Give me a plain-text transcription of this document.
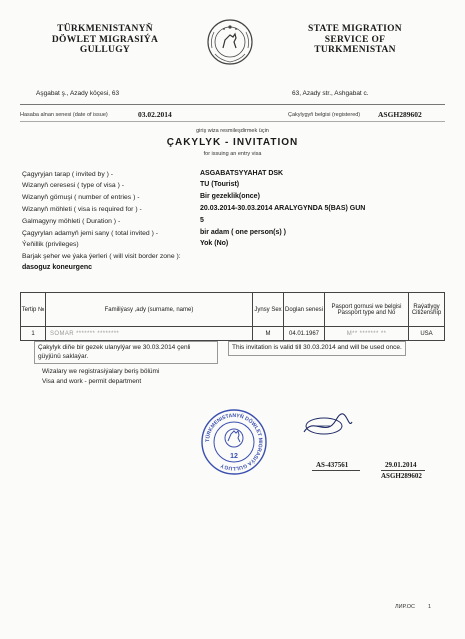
TÜRKMENISTANYŇ
DÖWLET MIGRASIÝA
GULLUGY
STATE MIGRATION
SERVICE OF
TURKMENISTAN
Aşgabat ş., Azady köçesi, 63	63, Azady str., Ashgabat c.
Hasaba alnan senesi (date of issue)	03.02.2014	Çakylygyň belgisi (registered) ASGH289602
giriş wiza resmileşdirmek üçin
ÇAKYLYK - INVITATION
for issuing an entry visa
Çagyryjan tarap ( invited by ) -	ASGABATSYYAHAT DSK
Wizanyň ceresesi ( type of visa ) -	TU (Tourist)
Wizanyň görnuşi ( number of entries ) -	Bir gezeklik(once)
Wizanyň möhleti ( visa is required for ) -	20.03.2014-30.03.2014 ARALYGYNDA 5(BAS) GUN
Galmagyny möhleti ( Duration ) -	5
Çagyrylan adamyň jemi sany ( total invited ) -	bir adam ( one person(s) )
Ýeňillik (privileges)	Yok (No)
Barjak şeher we ýaka ýerleri ( will visit border zone ):
dasoguz koneurgenc
Tertip №	Familiýasy ,ady (surname, name)	Jynsy Sex	Doglan senesi	Pasport gornusi we belgisi Passport type and No	Raýatlygy Citizenship
1	SOMAR ******* ********	M	04.01.1967	M** ******* **	USA
Çakylyk diňe bir gezek ulanylýar we 30.03.2014 çenli güyjünü saklaýar.
This invitation is valid till 30.03.2014 and will be used once.
Wizalary we registrasiýalary beriş bölümi
Visa and work - permit department
TÜRKMENISTANYŇ DÖWLET MIGRASIÝA GULLUGY
12
AS-437561	29.01.2014
ASGH289602
ЛИР.ОС 1
